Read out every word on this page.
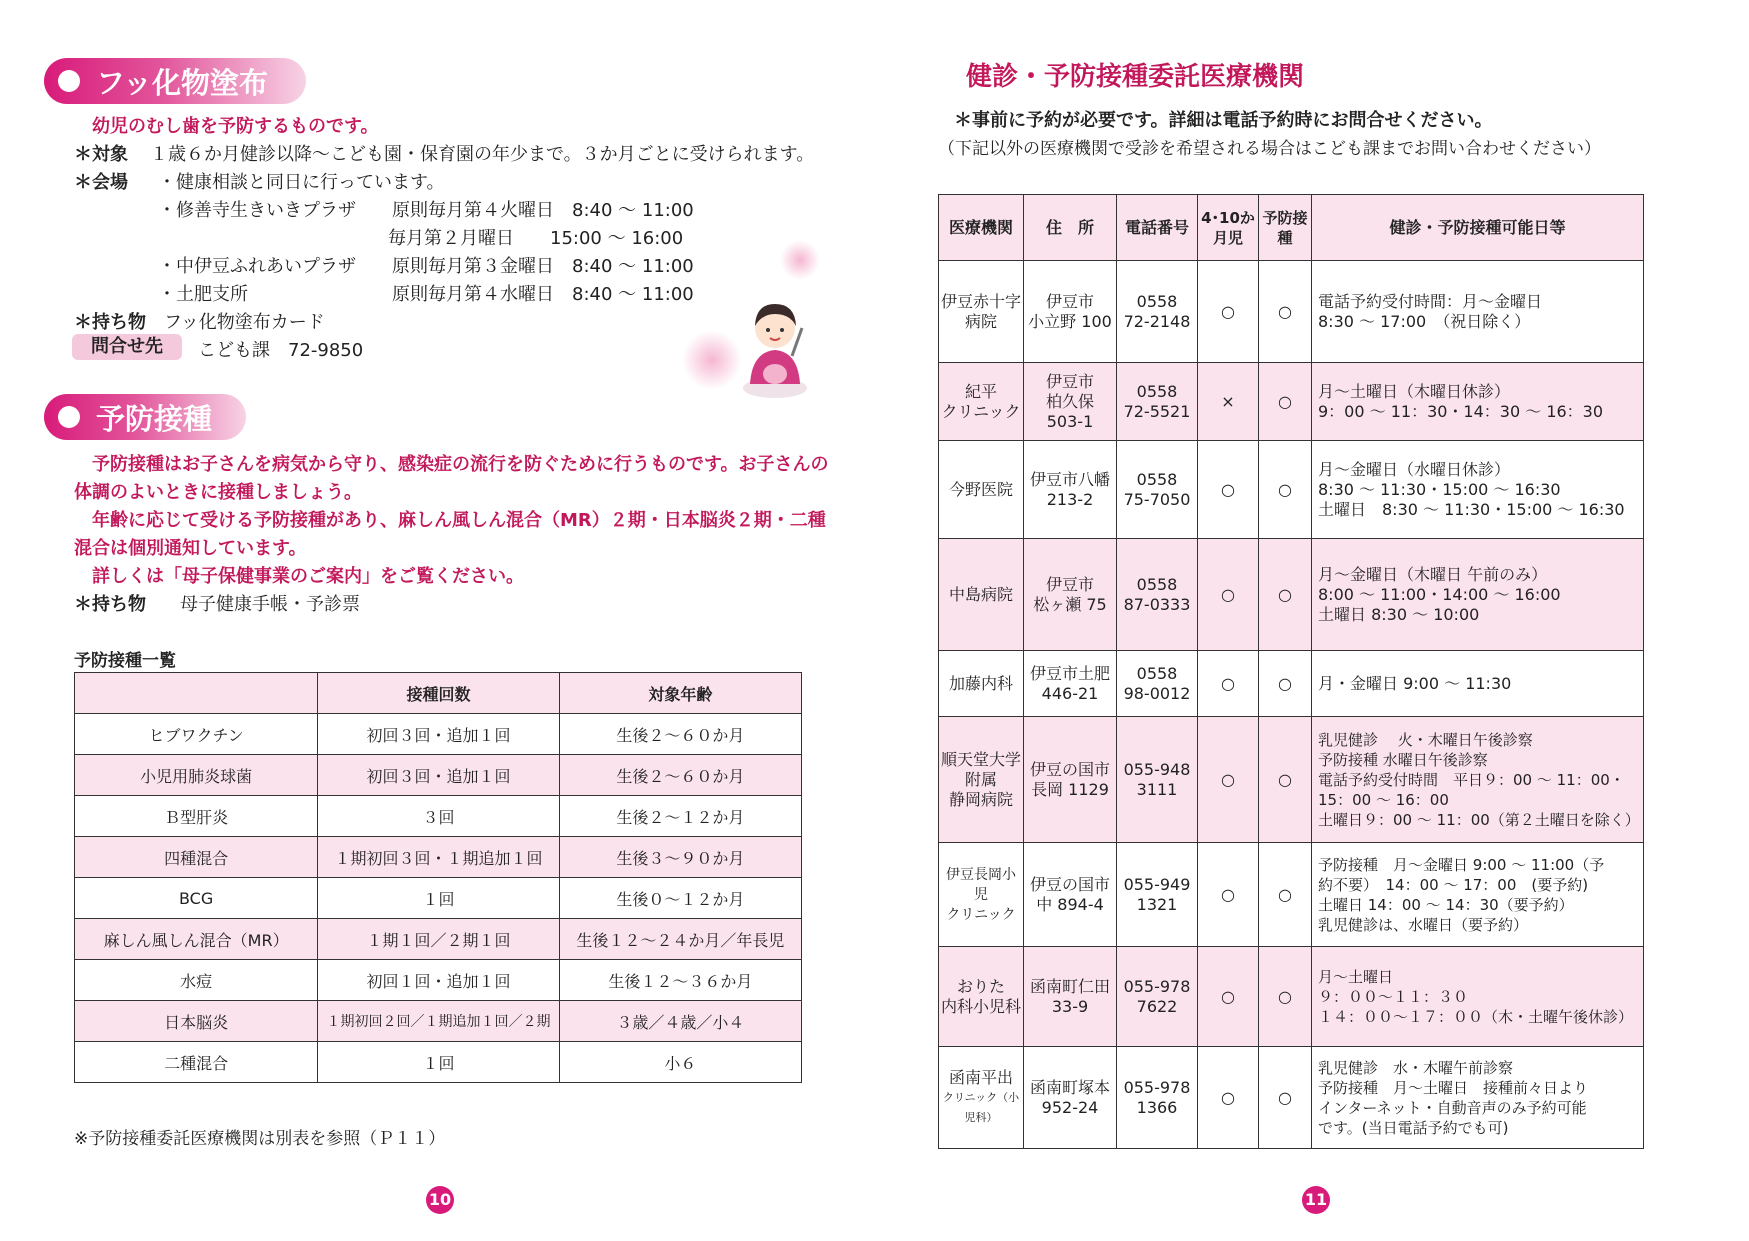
フッ化物塗布
幼児のむし歯を予防するものです。
＊対象 １歳６か月健診以降～こども園・保育園の年少まで。３か月ごとに受けられます。
＊会場 ・健康相談と同日に行っています。
・修善寺生きいきプラザ　　原則毎月第４火曜日　8:40 ～ 11:00
毎月第２月曜日　　15:00 ～ 16:00
・中伊豆ふれあいプラザ　　原則毎月第３金曜日　8:40 ～ 11:00
・土肥支所　　　　　　　　原則毎月第４水曜日　8:40 ～ 11:00
＊持ち物 フッ化物塗布カード
問合せ先	こども課　72-9850
予防接種
予防接種はお子さんを病気から守り、感染症の流行を防ぐために行うものです。お子さんの
体調のよいときに接種しましょう。
年齢に応じて受ける予防接種があり、麻しん風しん混合（MR）２期・日本脳炎２期・二種
混合は個別通知しています。
詳しくは「母子保健事業のご案内」をご覧ください。
＊持ち物 母子健康手帳・予診票
予防接種一覧
	接種回数	対象年齢
ヒブワクチン	初回３回・追加１回	生後２～６０か月
小児用肺炎球菌	初回３回・追加１回	生後２～６０か月
Ｂ型肝炎	３回	生後２～１２か月
四種混合	１期初回３回・１期追加１回	生後３～９０か月
BCG	１回	生後０～１２か月
麻しん風しん混合（MR）	１期１回／２期１回	生後１２～２４か月／年長児
水痘	初回１回・追加１回	生後１２～３６か月
日本脳炎	１期初回２回／１期追加１回／２期	３歳／４歳／小４
二種混合	１回	小６
※予防接種委託医療機関は別表を参照（Ｐ１１）
10
健診・予防接種委託医療機関
＊事前に予約が必要です。詳細は電話予約時にお問合せください。
（下記以外の医療機関で受診を希望される場合はこども課までお問い合わせください）
医療機関	住　所	電話番号	4･10か月児	予防接種	健診・予防接種可能日等

伊豆赤十字
病院	伊豆市
小立野 100	0558
72-2148	○	○	電話予約受付時間：月～金曜日
8:30 ～ 17:00　（祝日除く）

紀平
クリニック	伊豆市
柏久保
503-1	0558
72-5521	×	○	月～土曜日（木曜日休診）
9：00 ～ 11：30・14：30 ～ 16：30

今野医院	伊豆市八幡
213-2	0558
75-7050	○	○	月～金曜日（水曜日休診）
8:30 ～ 11:30・15:00 ～ 16:30
土曜日　8:30 ～ 11:30・15:00 ～ 16:30

中島病院	伊豆市
松ヶ瀬 75	0558
87-0333	○	○	月～金曜日（木曜日 午前のみ）
8:00 ～ 11:00・14:00 ～ 16:00
土曜日 8:30 ～ 10:00

加藤内科	伊豆市土肥
446-21	0558
98-0012	○	○	月・金曜日 9:00 ～ 11:30

順天堂大学
附属
静岡病院	伊豆の国市
長岡 1129	055-948
3111	○	○	乳児健診　 火・木曜日午後診察
予防接種 水曜日午後診察
電話予約受付時間　平日９：00 ～ 11：00・
15：00 ～ 16：00
土曜日９：00 ～ 11：00（第２土曜日を除く）

伊豆長岡小児
クリニック	伊豆の国市
中 894-4	055-949
1321	○	○	予防接種　月～金曜日 9:00 ～ 11:00（予
約不要）　14：00 ～ 17：00　(要予約)
土曜日 14：00 ～ 14：30（要予約）
乳児健診は、水曜日（要予約）

おりた
内科小児科	函南町仁田
33-9	055-978
7622	○	○	月～土曜日
９：００～１１：３０
１４：００～１７：００（木・土曜午後休診）

函南平出
クリニック（小児科）	函南町塚本
952-24	055-978
1366	○	○	乳児健診　水・木曜午前診察
予防接種　月～土曜日　接種前々日より
インターネット・自動音声のみ予約可能
です。(当日電話予約でも可)
11
